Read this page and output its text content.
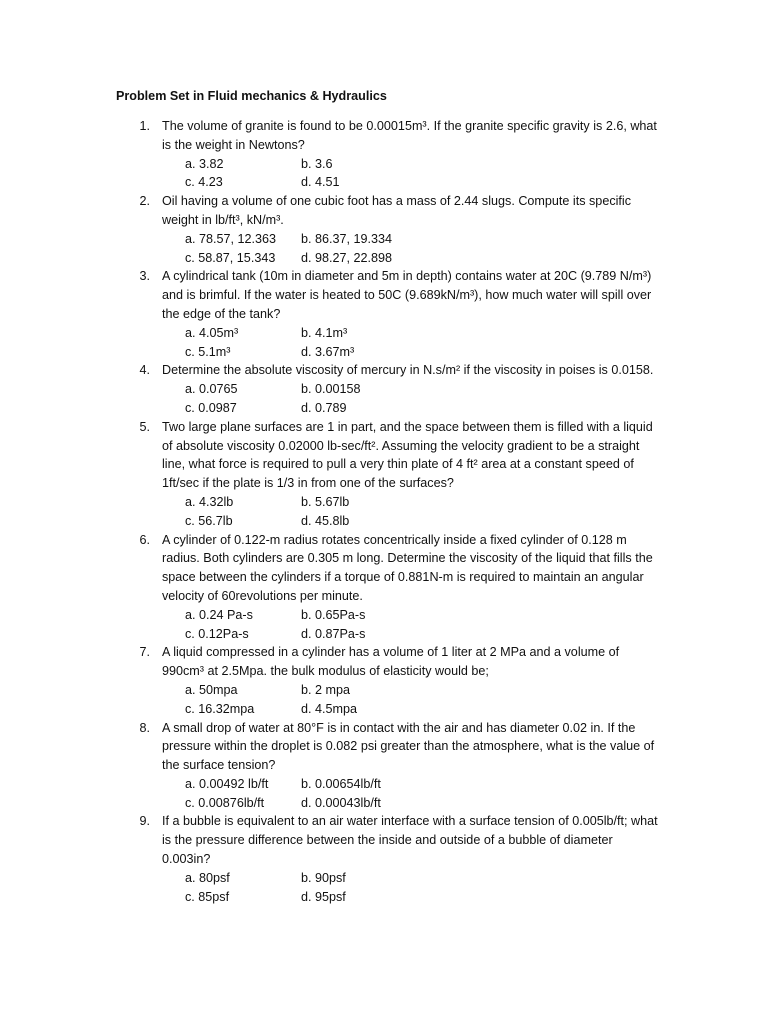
Problem Set in Fluid mechanics & Hydraulics
1. The volume of granite is found to be 0.00015m³. If the granite specific gravity is 2.6, what is the weight in Newtons?
a. 3.82	b. 3.6
c. 4.23	d. 4.51
2. Oil having a volume of one cubic foot has a mass of 2.44 slugs. Compute its specific weight in lb/ft³, kN/m³.
a. 78.57, 12.363	b. 86.37, 19.334
c. 58.87, 15.343	d. 98.27, 22.898
3. A cylindrical tank (10m in diameter and 5m in depth) contains water at 20C (9.789 N/m³) and is brimful. If the water is heated to 50C (9.689kN/m³), how much water will spill over the edge of the tank?
a. 4.05m³	b. 4.1m³
c. 5.1m³	d. 3.67m³
4. Determine the absolute viscosity of mercury in N.s/m² if the viscosity in poises is 0.0158.
a. 0.0765	b. 0.00158
c. 0.0987	d. 0.789
5. Two large plane surfaces are 1 in part, and the space between them is filled with a liquid of absolute viscosity 0.02000 lb-sec/ft². Assuming the velocity gradient to be a straight line, what force is required to pull a very thin plate of 4 ft² area at a constant speed of 1ft/sec if the plate is 1/3 in from one of the surfaces?
a. 4.32lb	b. 5.67lb
c. 56.7lb	d. 45.8lb
6. A cylinder of 0.122-m radius rotates concentrically inside a fixed cylinder of 0.128 m radius. Both cylinders are 0.305 m long. Determine the viscosity of the liquid that fills the space between the cylinders if a torque of 0.881N-m is required to maintain an angular velocity of 60revolutions per minute.
a. 0.24 Pa-s	b. 0.65Pa-s
c. 0.12Pa-s	d. 0.87Pa-s
7. A liquid compressed in a cylinder has a volume of 1 liter at 2 MPa and a volume of 990cm³ at 2.5Mpa. the bulk modulus of elasticity would be;
a. 50mpa	b. 2 mpa
c. 16.32mpa	d. 4.5mpa
8. A small drop of water at 80°F is in contact with the air and has diameter 0.02 in. If the pressure within the droplet is 0.082 psi greater than the atmosphere, what is the value of the surface tension?
a. 0.00492 lb/ft	b. 0.00654lb/ft
c. 0.00876lb/ft	d. 0.00043lb/ft
9. If a bubble is equivalent to an air water interface with a surface tension of 0.005lb/ft; what is the pressure difference between the inside and outside of a bubble of diameter 0.003in?
a. 80psf	b. 90psf
c. 85psf	d. 95psf
